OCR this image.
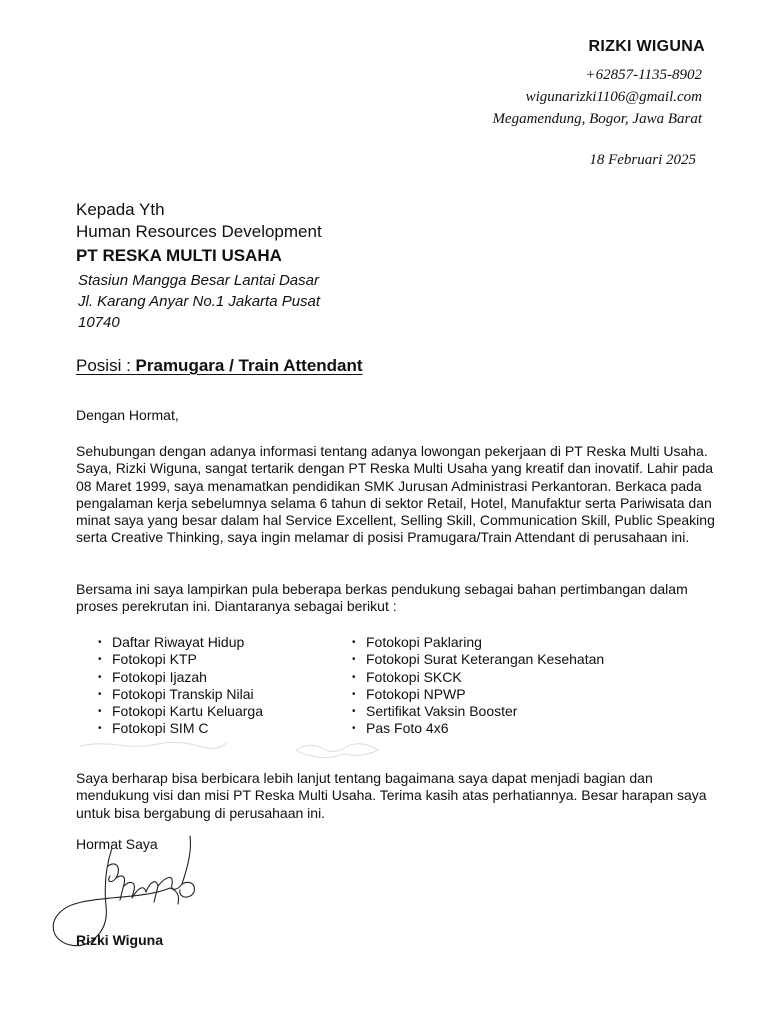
RIZKI WIGUNA
+62857-1135-8902
wigunarizki1106@gmail.com
Megamendung, Bogor, Jawa Barat
18 Februari 2025
Kepada Yth
Human Resources Development
PT RESKA MULTI USAHA
Stasiun Mangga Besar Lantai Dasar
Jl. Karang Anyar No.1 Jakarta Pusat
10740
Posisi : Pramugara / Train Attendant

Dengan Hormat,

Sehubungan dengan adanya informasi tentang adanya lowongan pekerjaan di PT Reska Multi Usaha. Saya, Rizki Wiguna, sangat tertarik dengan PT Reska Multi Usaha yang kreatif dan inovatif. Lahir pada 08 Maret 1999, saya menamatkan pendidikan SMK Jurusan Administrasi Perkantoran. Berkaca pada pengalaman kerja sebelumnya selama 6 tahun di sektor Retail, Hotel, Manufaktur serta Pariwisata dan minat saya yang besar dalam hal Service Excellent, Selling Skill, Communication Skill, Public Speaking serta Creative Thinking, saya ingin melamar di posisi Pramugara/Train Attendant di perusahaan ini.

Bersama ini saya lampirkan pula beberapa berkas pendukung sebagai bahan pertimbangan dalam proses perekrutan ini. Diantaranya sebagai berikut :

• Daftar Riwayat Hidup
• Fotokopi KTP
• Fotokopi Ijazah
• Fotokopi Transkip Nilai
• Fotokopi Kartu Keluarga
• Fotokopi SIM C
• Fotokopi Paklaring
• Fotokopi Surat Keterangan Kesehatan
• Fotokopi SKCK
• Fotokopi NPWP
• Sertifikat Vaksin Booster
• Pas Foto 4x6

Saya berharap bisa berbicara lebih lanjut tentang bagaimana saya dapat menjadi bagian dan mendukung visi dan misi PT Reska Multi Usaha. Terima kasih atas perhatiannya. Besar harapan saya untuk bisa bergabung di perusahaan ini.

Hormat Saya
Rizki Wiguna
